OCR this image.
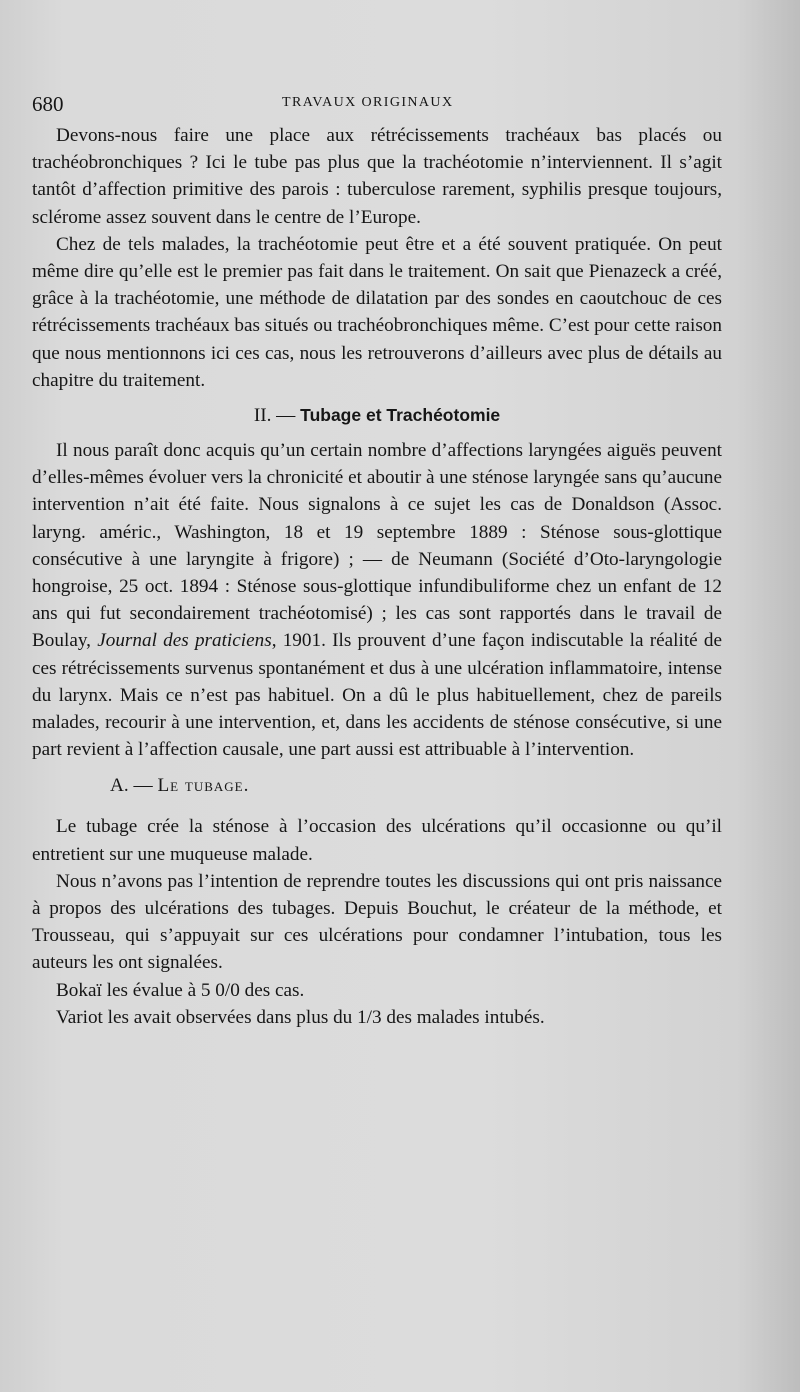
680	TRAVAUX ORIGINAUX

Devons-nous faire une place aux rétrécissements trachéaux bas placés ou trachéobronchiques ? Ici le tube pas plus que la trachéotomie n’interviennent. Il s’agit tantôt d’affection primitive des parois : tuberculose rarement, syphilis presque toujours, sclérome assez souvent dans le centre de l’Europe.

Chez de tels malades, la trachéotomie peut être et a été souvent pratiquée. On peut même dire qu’elle est le premier pas fait dans le traitement. On sait que Pienazeck a créé, grâce à la trachéotomie, une méthode de dilatation par des sondes en caoutchouc de ces rétrécissements trachéaux bas situés ou trachéobronchiques même. C’est pour cette raison que nous mentionnons ici ces cas, nous les retrouverons d’ailleurs avec plus de détails au chapitre du traitement.

II. — Tubage et Trachéotomie

Il nous paraît donc acquis qu’un certain nombre d’affections laryngées aiguës peuvent d’elles-mêmes évoluer vers la chronicité et aboutir à une sténose laryngée sans qu’aucune intervention n’ait été faite. Nous signalons à ce sujet les cas de Donaldson (Assoc. laryng. améric., Washington, 18 et 19 septembre 1889 : Sténose sous-glottique consécutive à une laryngite à frigore) ; — de Neumann (Société d’Oto-laryngologie hongroise, 25 oct. 1894 : Sténose sous-glottique infundibuliforme chez un enfant de 12 ans qui fut secondairement trachéotomisé) ; les cas sont rapportés dans le travail de Boulay, Journal des praticiens, 1901. Ils prouvent d’une façon indiscutable la réalité de ces rétrécissements survenus spontanément et dus à une ulcération inflammatoire, intense du larynx. Mais ce n’est pas habituel. On a dû le plus habituellement, chez de pareils malades, recourir à une intervention, et, dans les accidents de sténose consécutive, si une part revient à l’affection causale, une part aussi est attribuable à l’intervention.

A. — Le tubage.

Le tubage crée la sténose à l’occasion des ulcérations qu’il occasionne ou qu’il entretient sur une muqueuse malade.

Nous n’avons pas l’intention de reprendre toutes les discussions qui ont pris naissance à propos des ulcérations des tubages. Depuis Bouchut, le créateur de la méthode, et Trousseau, qui s’appuyait sur ces ulcérations pour condamner l’intubation, tous les auteurs les ont signalées.

Bokaï les évalue à 5 0/0 des cas.

Variot les avait observées dans plus du 1/3 des malades intubés.
